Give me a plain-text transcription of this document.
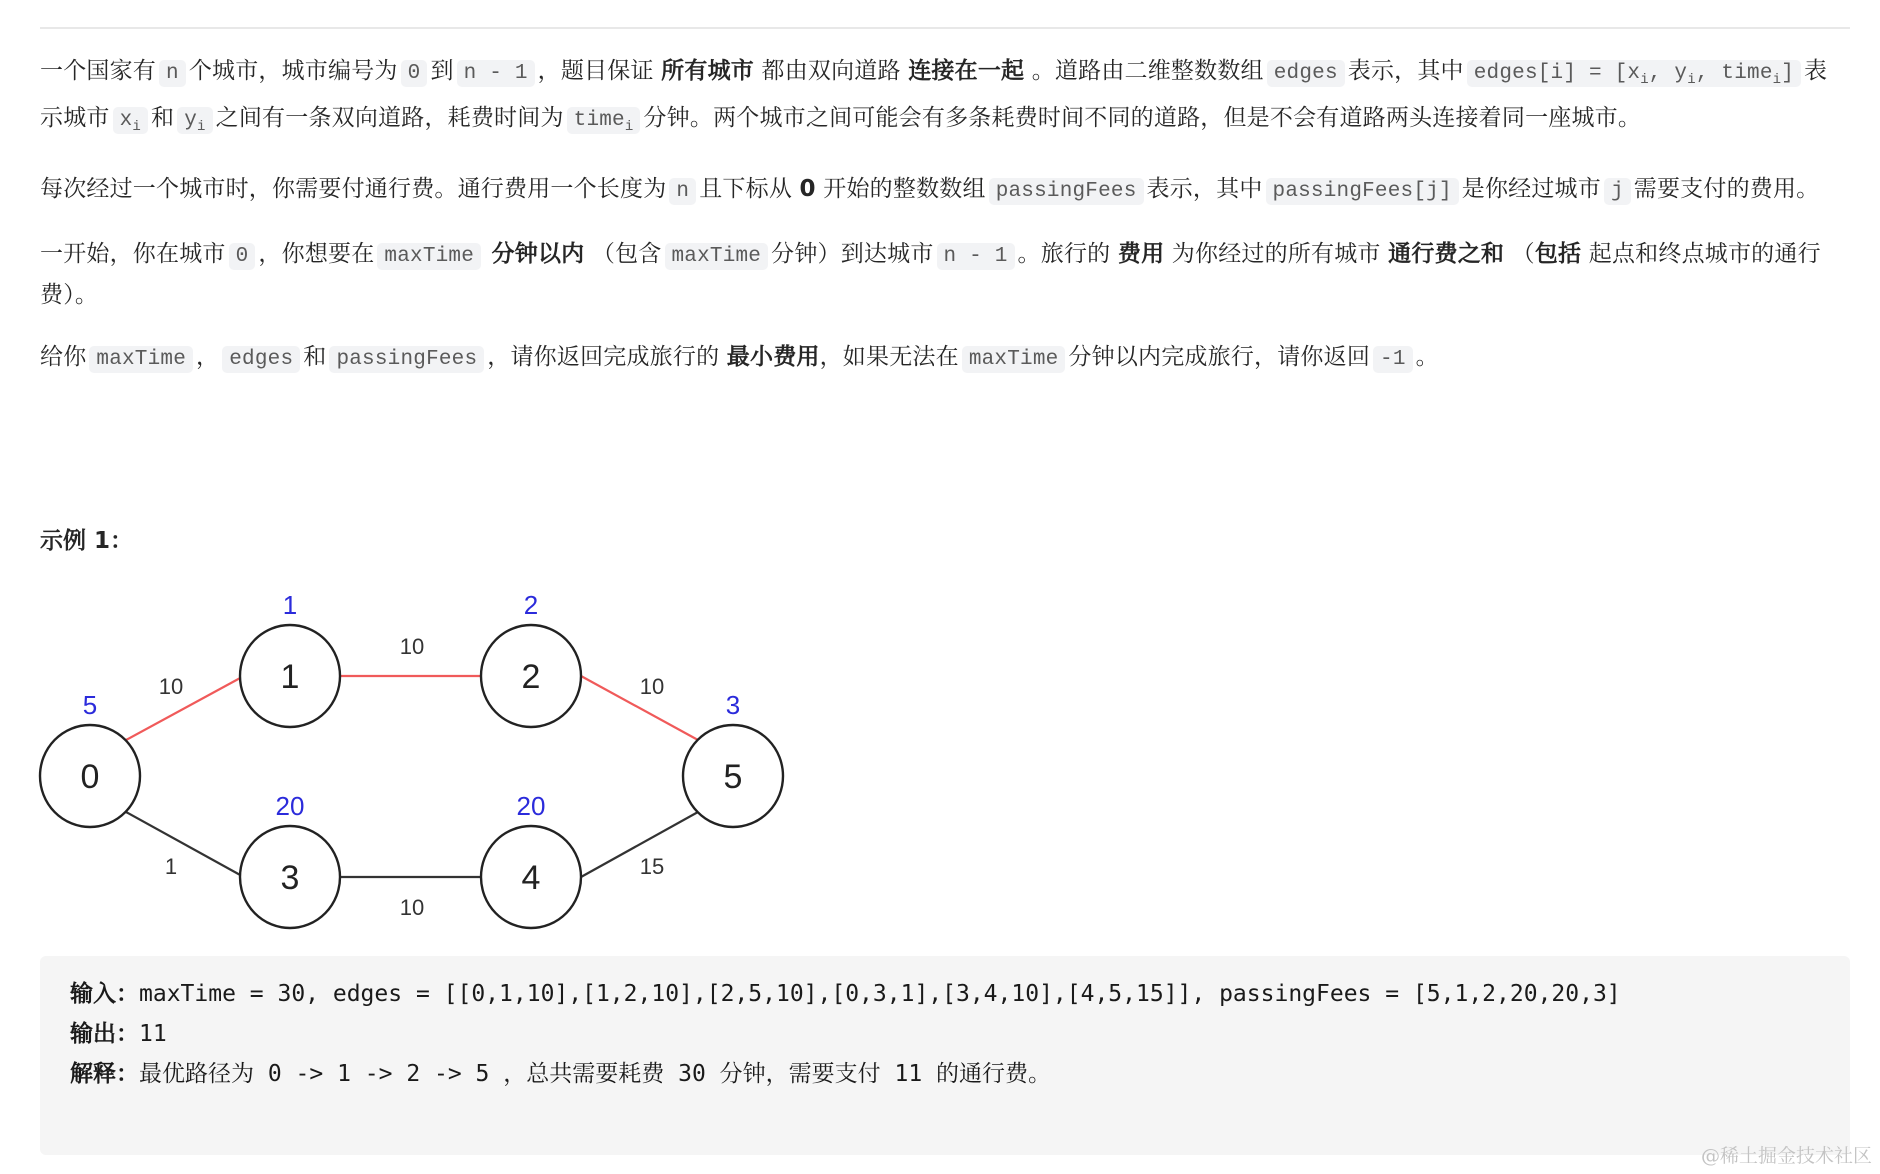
一个国家有 n 个城市，城市编号为 0 到 n - 1 ，题目保证 所有城市 都由双向道路 连接在一起 。道路由二维整数数组 edges 表示，其中 edges[i] = [$x_i$, $y_i$, time$_i$] 表示城市 $x_i$ 和 $y_i$ 之间有一条双向道路，耗费时间为 time$_i$ 分钟。两个城市之间可能会有多条耗费时间不同的道路，但是不会有道路两头连接着同一座城市。

每次经过一个城市时，你需要付通行费。通行费用一个长度为 n 且下标从 0 开始的整数数组 passingFees 表示，其中 passingFees[j] 是你经过城市 j 需要支付的费用。

一开始，你在城市 0 ，你想要在 maxTime 分钟以内 （包含 maxTime 分钟）到达城市 n - 1 。旅行的 费用 为你经过的所有城市 通行费之和 （包括 起点和终点城市的通行费）。

给你 maxTime ， edges 和 passingFees ，请你返回完成旅行的 最小费用，如果无法在 maxTime 分钟以内完成旅行，请你返回 -1 。

示例 1：
10
10
10
1
10
15
0
1	2
3	4
5
5
1	2
20	20
3
输入：maxTime = 30, edges = [[0,1,10],[1,2,10],[2,5,10],[0,3,1],[3,4,10],[4,5,15]], passingFees = [5,1,2,20,20,3]
输出：11
解释：最优路径为 0 -> 1 -> 2 -> 5 ，总共需要耗费 30 分钟，需要支付 11 的通行费。
@稀土掘金技术社区
